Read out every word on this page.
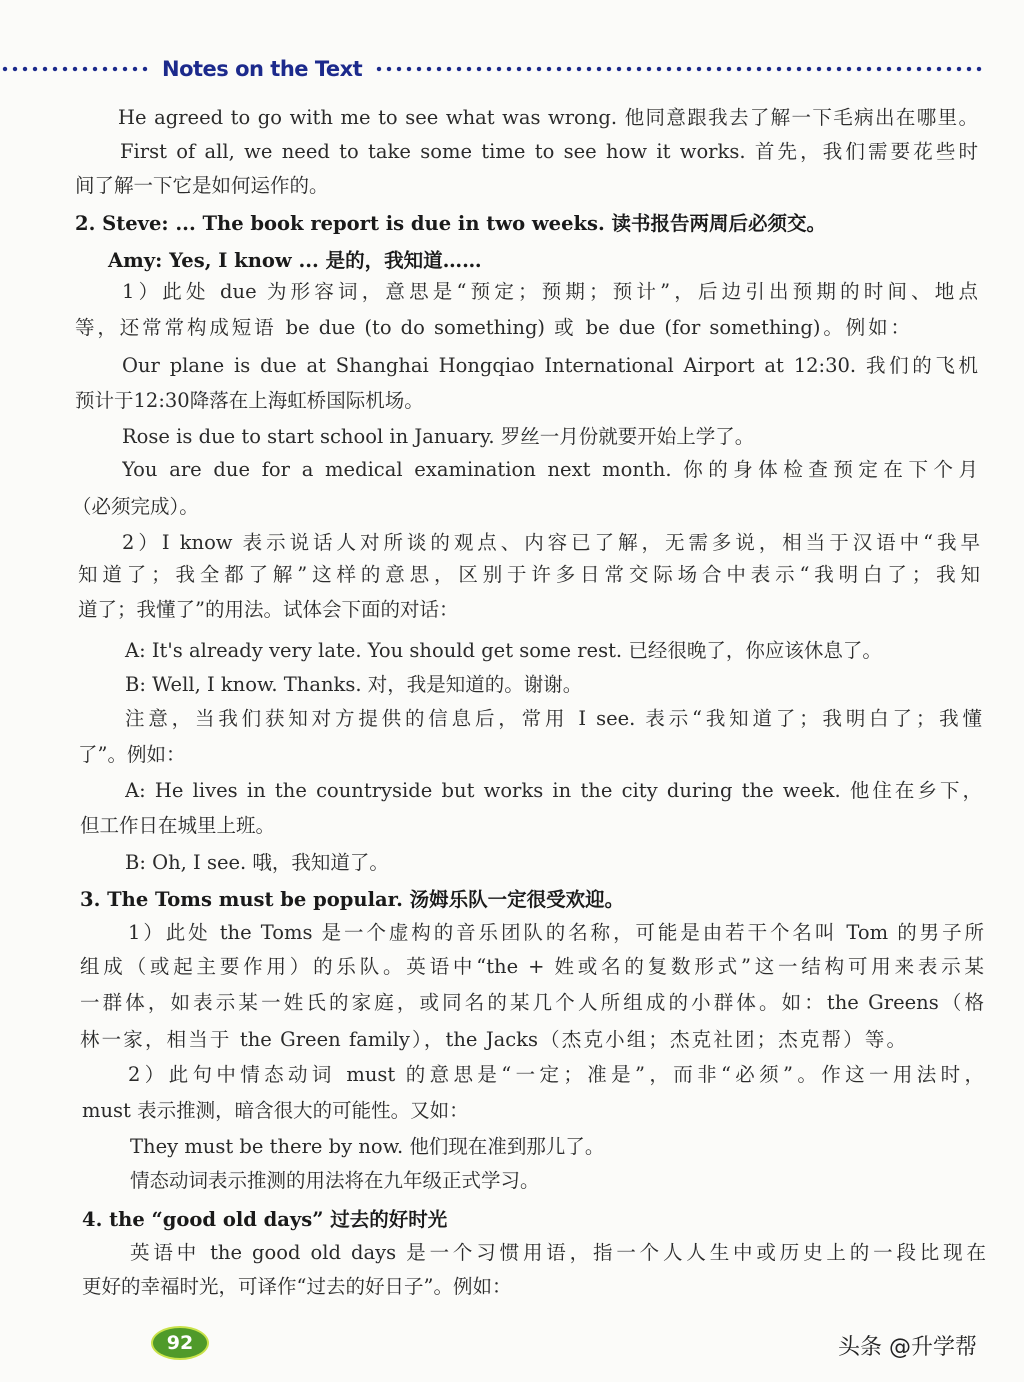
Notes on the Text
He agreed to go with me to see what was wrong. 他同意跟我去了解一下毛病出在哪里。
First of all, we need to take some time to see how it works. 首先，我们需要花些时
间了解一下它是如何运作的。
2. Steve: ... The book report is due in two weeks. 读书报告两周后必须交。
Amy: Yes, I know ... 是的，我知道……
1）此处 due 为形容词，意思是“预定；预期；预计”，后边引出预期的时间、地点
等，还常常构成短语 be due (to do something) 或 be due (for something)。例如：
Our plane is due at Shanghai Hongqiao International Airport at 12:30. 我们的飞机
预计于12:30降落在上海虹桥国际机场。
Rose is due to start school in January. 罗丝一月份就要开始上学了。
You are due for a medical examination next month. 你的身体检查预定在下个月
（必须完成）。
2）I know 表示说话人对所谈的观点、内容已了解，无需多说，相当于汉语中“我早
知道了；我全都了解”这样的意思，区别于许多日常交际场合中表示“我明白了；我知
道了；我懂了”的用法。试体会下面的对话：
A: It's already very late. You should get some rest. 已经很晚了，你应该休息了。
B: Well, I know. Thanks. 对，我是知道的。谢谢。
注意，当我们获知对方提供的信息后，常用 I see. 表示“我知道了；我明白了；我懂
了”。例如：
A: He lives in the countryside but works in the city during the week. 他住在乡下，
但工作日在城里上班。
B: Oh, I see. 哦，我知道了。
3. The Toms must be popular. 汤姆乐队一定很受欢迎。
1）此处 the Toms 是一个虚构的音乐团队的名称，可能是由若干个名叫 Tom 的男子所
组成（或起主要作用）的乐队。英语中“the + 姓或名的复数形式”这一结构可用来表示某
一群体，如表示某一姓氏的家庭，或同名的某几个人所组成的小群体。如：the Greens（格
林一家，相当于 the Green family），the Jacks（杰克小组；杰克社团；杰克帮）等。
2）此句中情态动词 must 的意思是“一定；准是”，而非“必须”。作这一用法时，
must 表示推测，暗含很大的可能性。又如：
They must be there by now. 他们现在准到那儿了。
情态动词表示推测的用法将在九年级正式学习。
4. the “good old days” 过去的好时光
英语中 the good old days 是一个习惯用语，指一个人人生中或历史上的一段比现在
更好的幸福时光，可译作“过去的好日子”。例如：
92	头条 @升学帮
